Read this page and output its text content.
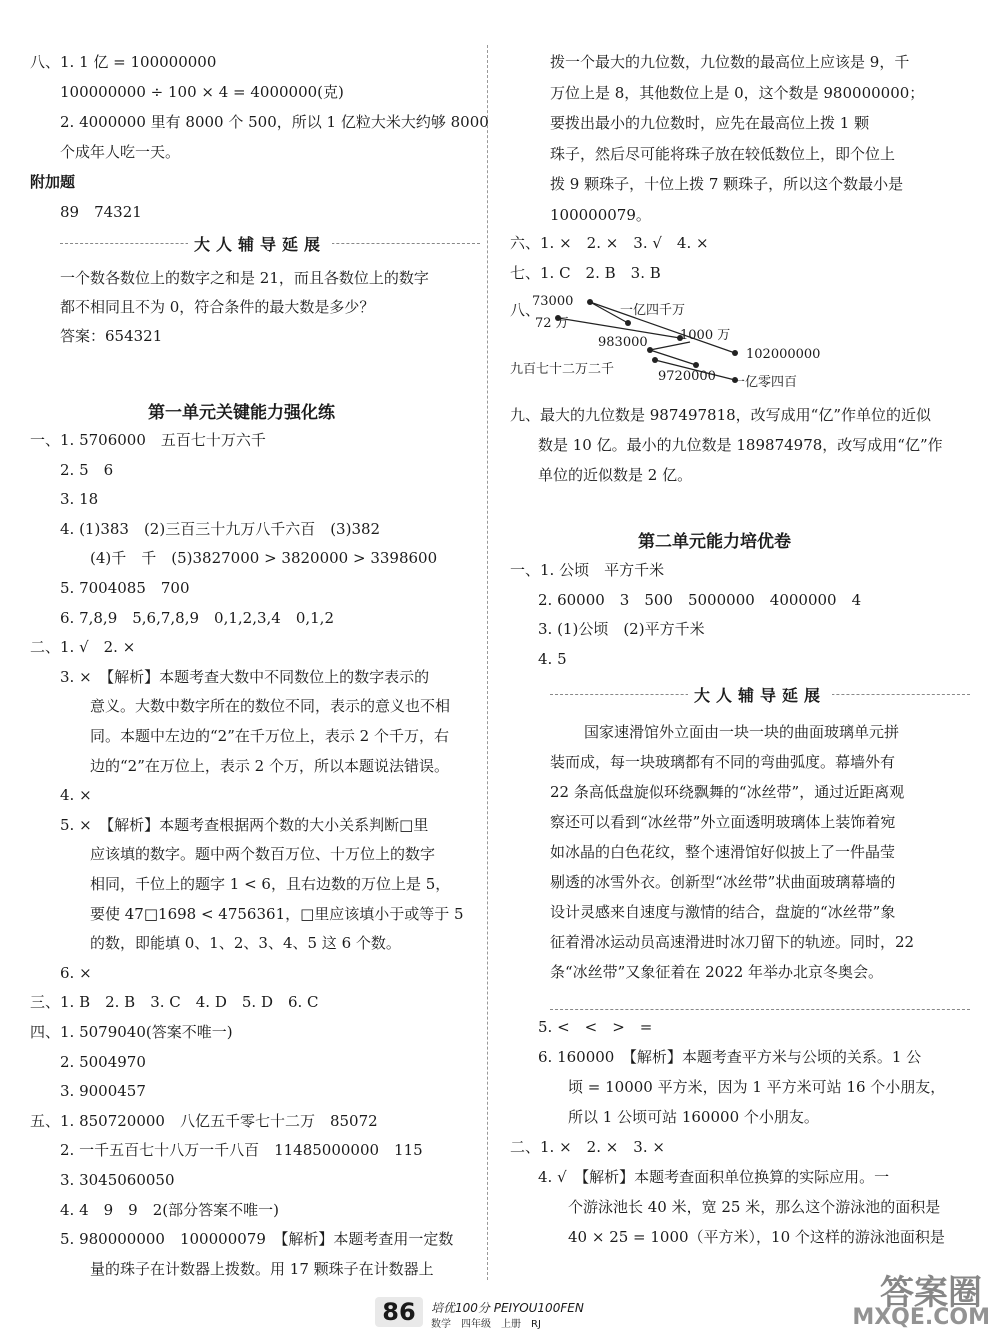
八、1. 1 亿 = 100000000
100000000 ÷ 100 × 4 = 4000000(克)
2. 4000000 里有 8000 个 500，所以 1 亿粒大米大约够 8000
个成年人吃一天。
附加题
89　74321
大人辅导延展
一个数各数位上的数字之和是 21，而且各数位上的数字
都不相同且不为 0，符合条件的最大数是多少？
答案：654321
第一单元关键能力强化练
一、1. 5706000　五百七十万六千
2. 5　6
3. 18
4. (1)383　(2)三百三十九万八千六百　(3)382
(4)千　千　(5)3827000 > 3820000 > 3398600
5. 7004085　700
6. 7,8,9　5,6,7,8,9　0,1,2,3,4　0,1,2
二、1. √　2. ×
3. ×　【解析】本题考查大数中不同数位上的数字表示的
意义。大数中数字所在的数位不同，表示的意义也不相
同。本题中左边的“2”在千万位上，表示 2 个千万，右
边的“2”在万位上，表示 2 个万，所以本题说法错误。
4. ×
5. ×　【解析】本题考查根据两个数的大小关系判断□里
应该填的数字。题中两个数百万位、十万位上的数字
相同，千位上的题字 1 < 6，且右边数的万位上是 5，
要使 47□1698 < 4756361，□里应该填小于或等于 5
的数，即能填 0、1、2、3、4、5 这 6 个数。
6. ×
三、1. B　2. B　3. C　4. D　5. D　6. C
四、1. 5079040(答案不唯一)
2. 5004970
3. 9000457
五、1. 850720000　八亿五千零七十二万　85072
2. 一千五百七十八万一千八百　11485000000　115
3. 3045060050
4. 4　9　9　2(部分答案不唯一)
5. 980000000　100000079　【解析】本题考查用一定数
量的珠子在计数器上拨数。用 17 颗珠子在计数器上
拨一个最大的九位数，九位数的最高位上应该是 9，千
万位上是 8，其他数位上是 0，这个数是 980000000；
要拨出最小的九位数时，应先在最高位上拨 1 颗
珠子，然后尽可能将珠子放在较低数位上，即个位上
拨 9 颗珠子，十位上拨 7 颗珠子，所以这个数最小是
100000079。
六、1. ×　2. ×　3. √　4. ×
七、1. C　2. B　3. B
八、
73000
72 万
983000
九百七十二万二千
一亿四千万
1000 万
102000000
9720000 一亿零四百
九、最大的九位数是 987497818，改写成用“亿”作单位的近似
数是 10 亿。最小的九位数是 189874978，改写成用“亿”作
单位的近似数是 2 亿。
第二单元能力培优卷
一、1. 公顷　平方千米
2. 60000　3　500　5000000　4000000　4
3. (1)公顷　(2)平方千米
4. 5
大人辅导延展
国家速滑馆外立面由一块一块的曲面玻璃单元拼
装而成，每一块玻璃都有不同的弯曲弧度。幕墙外有
22 条高低盘旋似环绕飘舞的“冰丝带”，通过近距离观
察还可以看到“冰丝带”外立面透明玻璃体上装饰着宛
如冰晶的白色花纹，整个速滑馆好似披上了一件晶莹
剔透的冰雪外衣。创新型“冰丝带”状曲面玻璃幕墙的
设计灵感来自速度与激情的结合，盘旋的“冰丝带”象
征着滑冰运动员高速滑进时冰刀留下的轨迹。同时，22
条“冰丝带”又象征着在 2022 年举办北京冬奥会。
5. <　<　>　=
6. 160000　【解析】本题考查平方米与公顷的关系。1 公
顷 = 10000 平方米，因为 1 平方米可站 16 个小朋友，
所以 1 公顷可站 160000 个小朋友。
二、1. ×　2. ×　3. ×
4. √　【解析】本题考查面积单位换算的实际应用。一
个游泳池长 40 米，宽 25 米，那么这个游泳池的面积是
40 × 25 = 1000（平方米），10 个这样的游泳池面积是
86	培优100分 PEIYOU100FEN
数学　四年级　上册　RJ
答案圈
MXQE.COM
